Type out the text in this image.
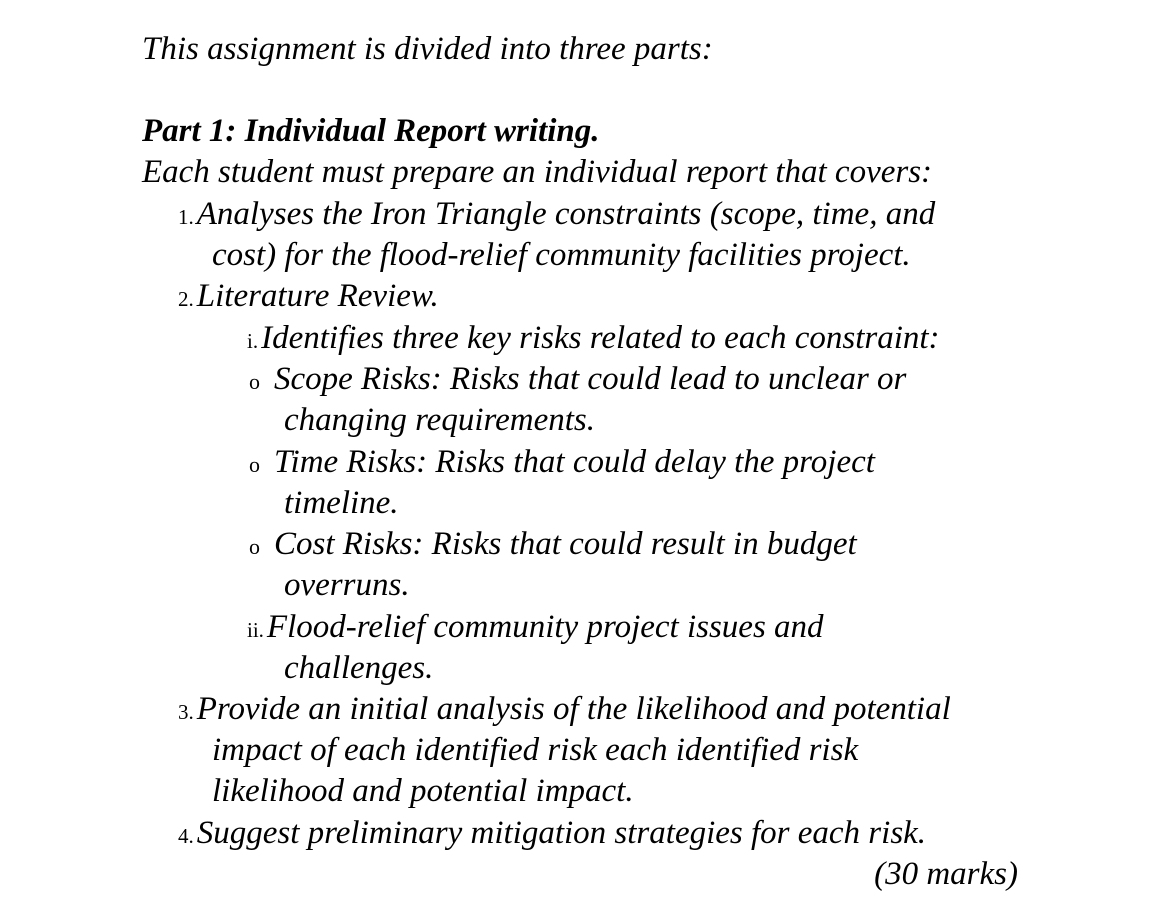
This assignment is divided into three parts:
Part 1: Individual Report writing.
Each student must prepare an individual report that covers:
1.Analyses the Iron Triangle constraints (scope, time, and
cost) for the flood-relief community facilities project.
2.Literature Review.
i.Identifies three key risks related to each constraint:
o Scope Risks: Risks that could lead to unclear or
changing requirements.
o Time Risks: Risks that could delay the project
timeline.
o Cost Risks: Risks that could result in budget
overruns.
ii.Flood-relief community project issues and
challenges.
3.Provide an initial analysis of the likelihood and potential
impact of each identified risk each identified risk
likelihood and potential impact.
4.Suggest preliminary mitigation strategies for each risk.
(30 marks)
